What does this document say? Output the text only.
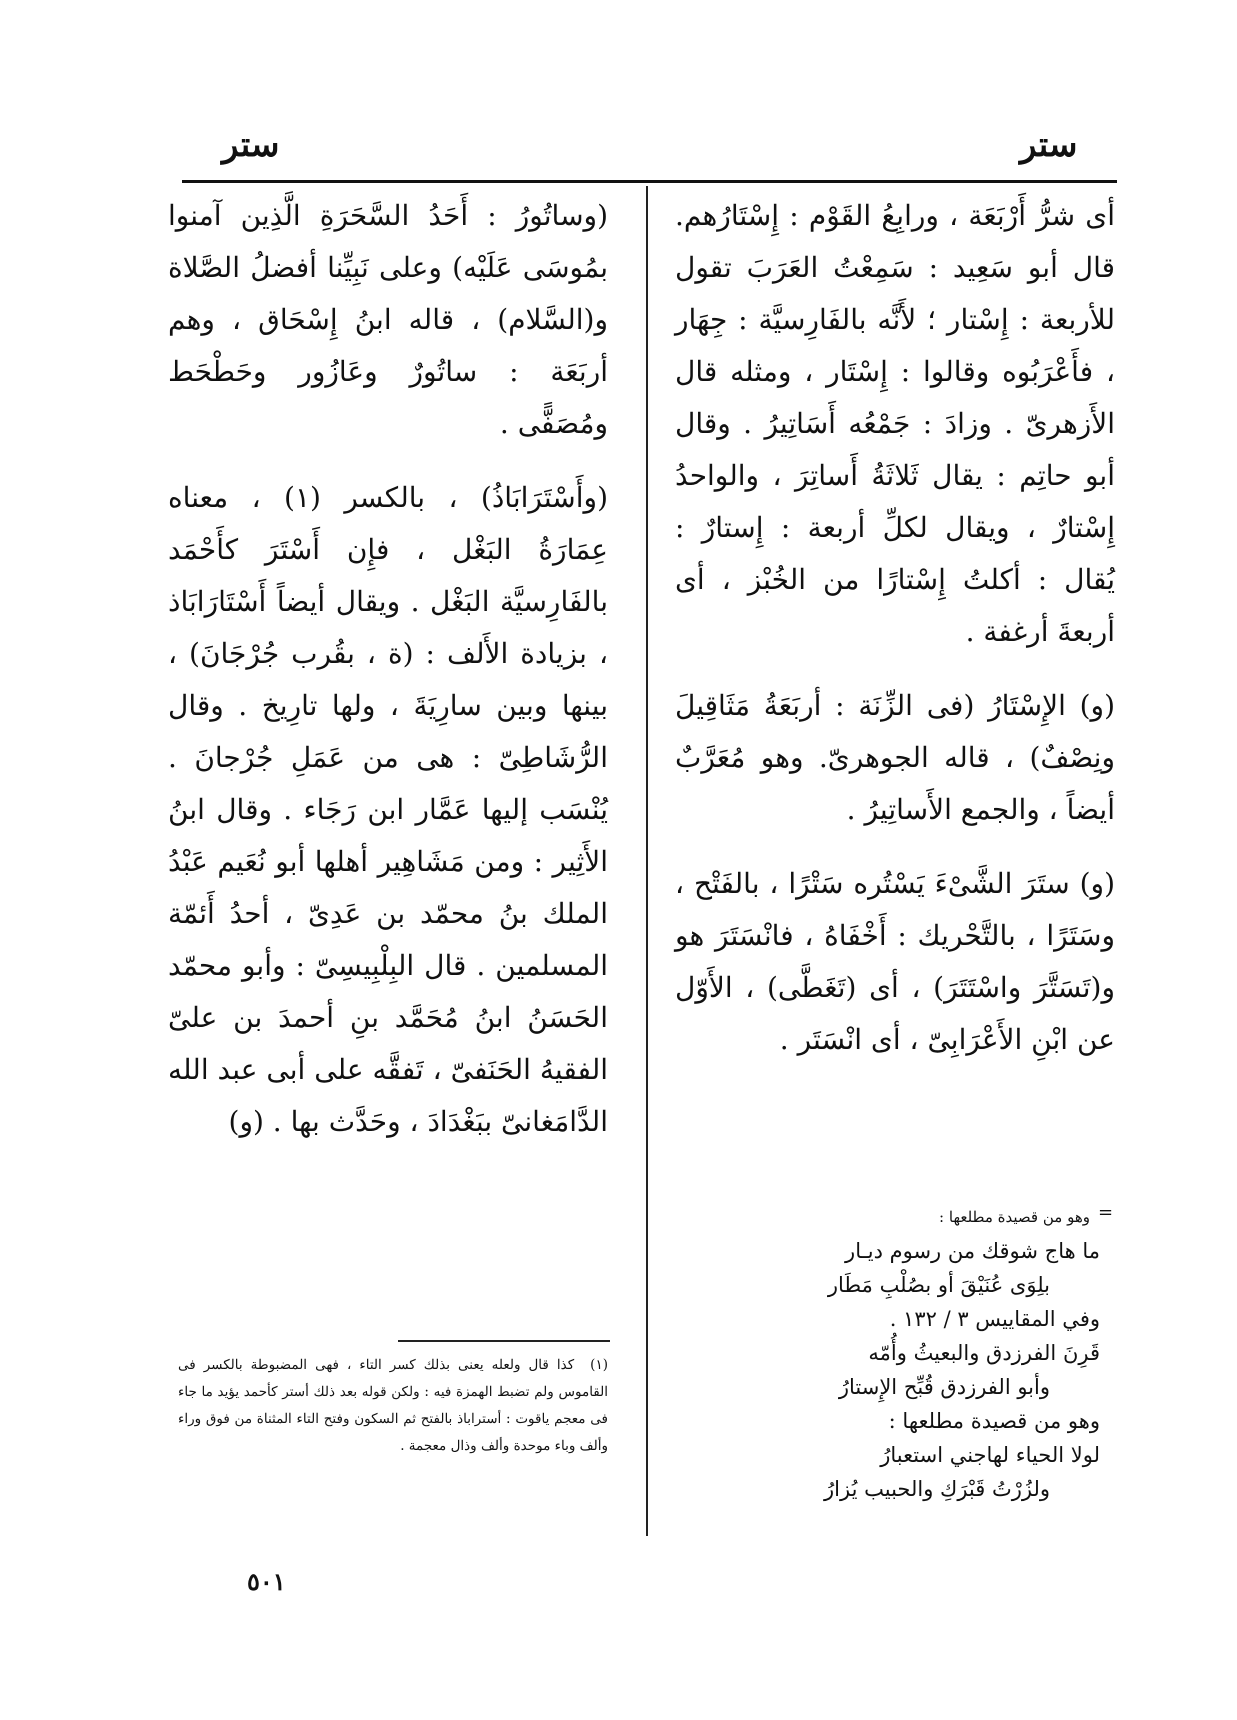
ستر
ستر

أى شرُّ أَرْبَعَة ، ورابِعُ القَوْم : إِسْتَارُهم. قال أبو سَعِيد : سَمِعْتُ العَرَبَ تقول للأربعة : إِسْتار ؛ لأَنَّه بالفَارِسيَّة : جِهَار ، فأَعْرَبُوه وقالوا : إِسْتَار ، ومثله قال الأَزهرىّ . وزادَ : جَمْعُه أَسَاتِيرُ . وقال أبو حاتِم : يقال ثَلاثَةُ أَساتِرَ ، والواحدُ إِسْتارٌ ، ويقال لكلِّ أربعة : إِستارٌ : يُقال : أكلتُ إِسْتارًا من الخُبْز ، أى أربعةَ أرغفة .

(و) الإِسْتَارُ (فى الزِّنَة : أربَعَةُ مَثَاقِيلَ ونِصْفٌ) ، قاله الجوهرىّ. وهو مُعَرَّبٌ أيضاً ، والجمع الأَساتِيرُ .

(و) ستَرَ الشَّىْءَ يَسْتُره سَتْرًا ، بالفَتْح ، وسَتَرًا ، بالتَّحْريك : أَخْفَاهُ ، فانْسَتَرَ هو و(تَسَتَّرَ واسْتَتَرَ) ، أى (تَغَطَّى) ، الأَوّل عن ابْنِ الأَعْرَابِىّ ، أى انْسَتَر .

=
وهو من قصيدة مطلعها :
ما هاج شوقك من رسوم ديـار
بلِوَى عُنَيْقَ أو بصُلْبِ مَطَار
وفي المقاييس ٣ / ١٣٢ .
قَرِنَ الفرزدق والبعيثُ وأُمّه
وأبو الفرزدق قُبِّح الإِستارُ
وهو من قصيدة مطلعها :
لولا الحياء لهاجني استعبارُ
ولزُرْتُ قَبْرَكِ والحبيب يُزارُ

(وساتُورُ : أَحَدُ السَّحَرَةِ الَّذِين آمنوا بمُوسَى عَلَيْه) وعلى نَبِيِّنا أفضلُ الصَّلاة و(السَّلام) ، قاله ابنُ إِسْحَاق ، وهم أربَعَة : ساتُورٌ وعَازُور وحَطْحَط ومُصَفًّى .

(وأَسْتَرَابَاذُ) ، بالكسر (١) ، معناه عِمَارَةُ البَغْل ، فإِن أَسْتَرَ كأَحْمَد بالفَارِسيَّة البَغْل . ويقال أيضاً أَسْتَارَابَاذ ، بزيادة الأَلف : (ة ، بقُرب جُرْجَانَ) ، بينها وبين سارِيَةَ ، ولها تارِيخ . وقال الرُّشَاطِىّ : هى من عَمَلِ جُرْجانَ . يُنْسَب إليها عَمَّار ابن رَجَاء . وقال ابنُ الأَثِير : ومن مَشَاهِير أهلها أبو نُعَيم عَبْدُ الملك بنُ محمّد بن عَدِىّ ، أحدُ أَئمّة المسلمين . قال البِلْبِيسِىّ : وأبو محمّد الحَسَنُ ابنُ مُحَمَّد بنِ أحمدَ بن علىّ الفقيهُ الحَنَفىّ ، تَفقَّه على أبى عبد الله الدَّامَغانىّ ببَغْدَادَ ، وحَدَّث بها . (و)

(١) كذا قال ولعله يعنى بذلك كسر التاء ، فهى المضبوطة بالكسر فى القاموس ولم تضبط الهمزة فيه : ولكن قوله بعد ذلك أستر كأحمد يؤيد ما جاء فى معجم ياقوت : أستراباذ بالفتح ثم السكون وفتح التاء المثناة من فوق وراء وألف وباء موحدة وألف وذال معجمة .
٥٠١
